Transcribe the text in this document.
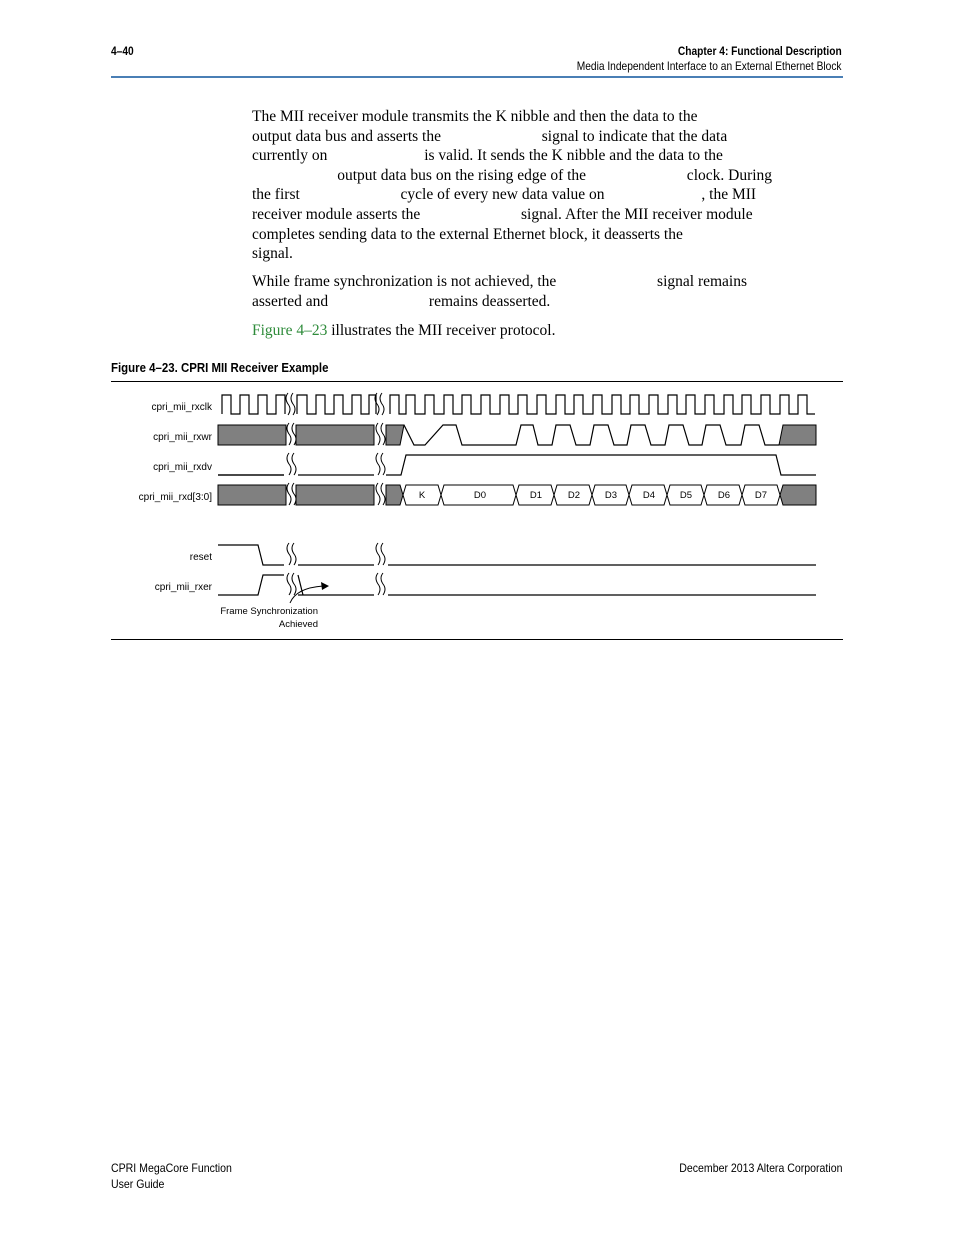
4–40	Chapter 4: Functional Description
Media Independent Interface to an External Ethernet Block
The MII receiver module transmits the K nibble and then the data to the
output data bus and asserts the                          signal to indicate that the data
currently on                         is valid. It sends the K nibble and the data to the
output data bus on the rising edge of the                          clock. During
the first                          cycle of every new data value on                         , the MII
receiver module asserts the                          signal. After the MII receiver module
completes sending data to the external Ethernet block, it deasserts the
signal.
While frame synchronization is not achieved, the                          signal remains
asserted and                          remains deasserted.
Figure 4–23 illustrates the MII receiver protocol.
Figure 4–23. CPRI MII Receiver Example
cpri_mii_rxclk
cpri_mii_rxwr
cpri_mii_rxdv
cpri_mii_rxd[3:0]
reset
cpri_mii_rxer
K	D0	D1	D2	D3	D4	D5	D6	D7
Frame Synchronization
Achieved
CPRI MegaCore Function
User Guide
December 2013 Altera Corporation
